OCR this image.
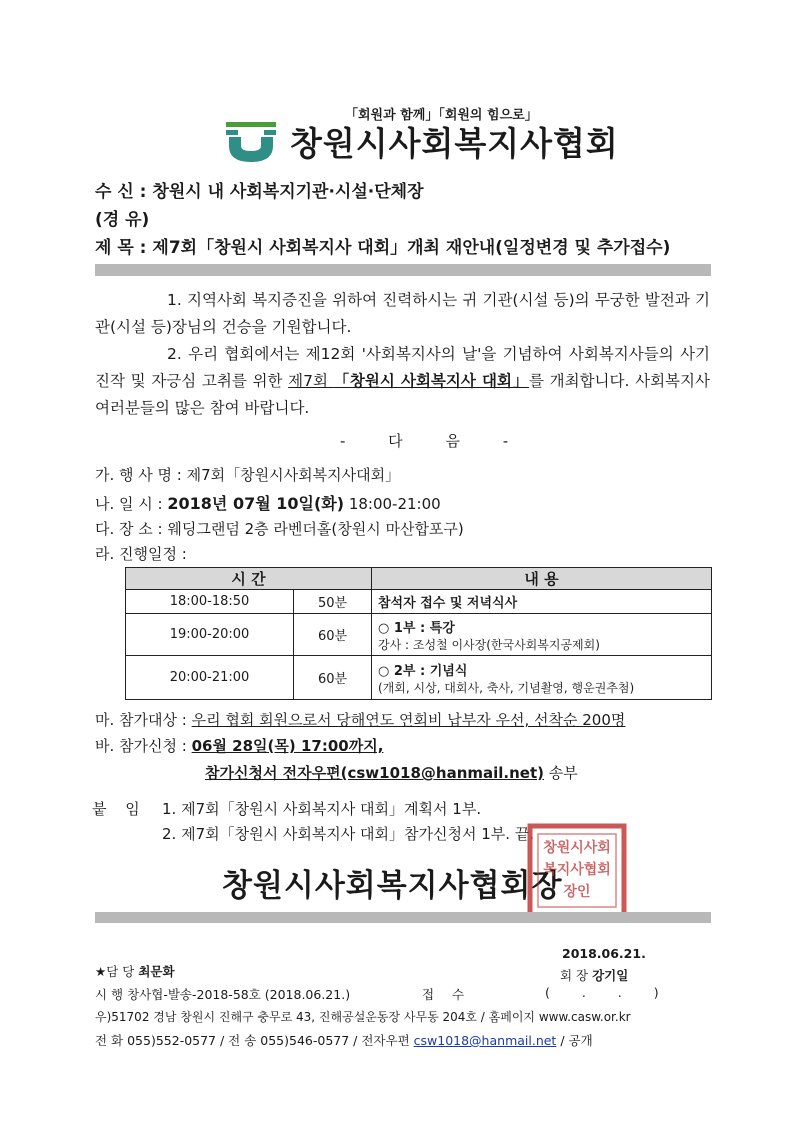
「회원과 함께」「회원의 힘으로」
창원시사회복지사협회
수 신 : 창원시 내 사회복지기관·시설·단체장
(경 유)
제 목 : 제7회「창원시 사회복지사 대회」개최 재안내(일정변경 및 추가접수)
1. 지역사회 복지증진을 위하여 진력하시는 귀 기관(시설 등)의 무궁한 발전과 기관(시설 등)장님의 건승을 기원합니다.
2. 우리 협회에서는 제12회 '사회복지사의 날'을 기념하여 사회복지사들의 사기진작 및 자긍심 고취를 위한 제7회 「창원시 사회복지사 대회」를 개최합니다. 사회복지사 여러분들의 많은 참여 바랍니다.
- 다 음 -
가. 행 사 명 : 제7회「창원시사회복지사대회」
나. 일 시 : 2018년 07월 10일(화) 18:00-21:00
다. 장 소 : 웨딩그랜덤 2층 라벤더홀(창원시 마산합포구)
라. 진행일정 :
시 간		내 용
18:00-18:50	50분	참석자 접수 및 저녁식사
19:00-20:00	60분	○ 1부 : 특강
강사 : 조성철 이사장(한국사회복지공제회)

20:00-21:00	60분	○ 2부 : 기념식
(개회, 시상, 대회사, 축사, 기념촬영, 행운권추첨)
마. 참가대상 : 우리 협회 회원으로서 당해연도 연회비 납부자 우선, 선착순 200명
바. 참가신청 : 06월 28일(목) 17:00까지,
참가신청서 전자우편(csw1018@hanmail.net) 송부
붙 임 1. 제7회「창원시 사회복지사 대회」계획서 1부.
2. 제7회「창원시 사회복지사 대회」참가신청서 1부. 끝.
창원시사회복지사협회장
창원시사회복지사협회장인
2018.06.21.
회 장 강기일
★담 당 최문화
시 행 창사협-발송-2018-58호 (2018.06.21.)	접 수	( . . )
우)51702 경남 창원시 진해구 충무로 43, 진해공설운동장 사무동 204호 / 홈페이지 www.casw.or.kr
전 화 055)552-0577 / 전 송 055)546-0577 / 전자우편 csw1018@hanmail.net / 공개
